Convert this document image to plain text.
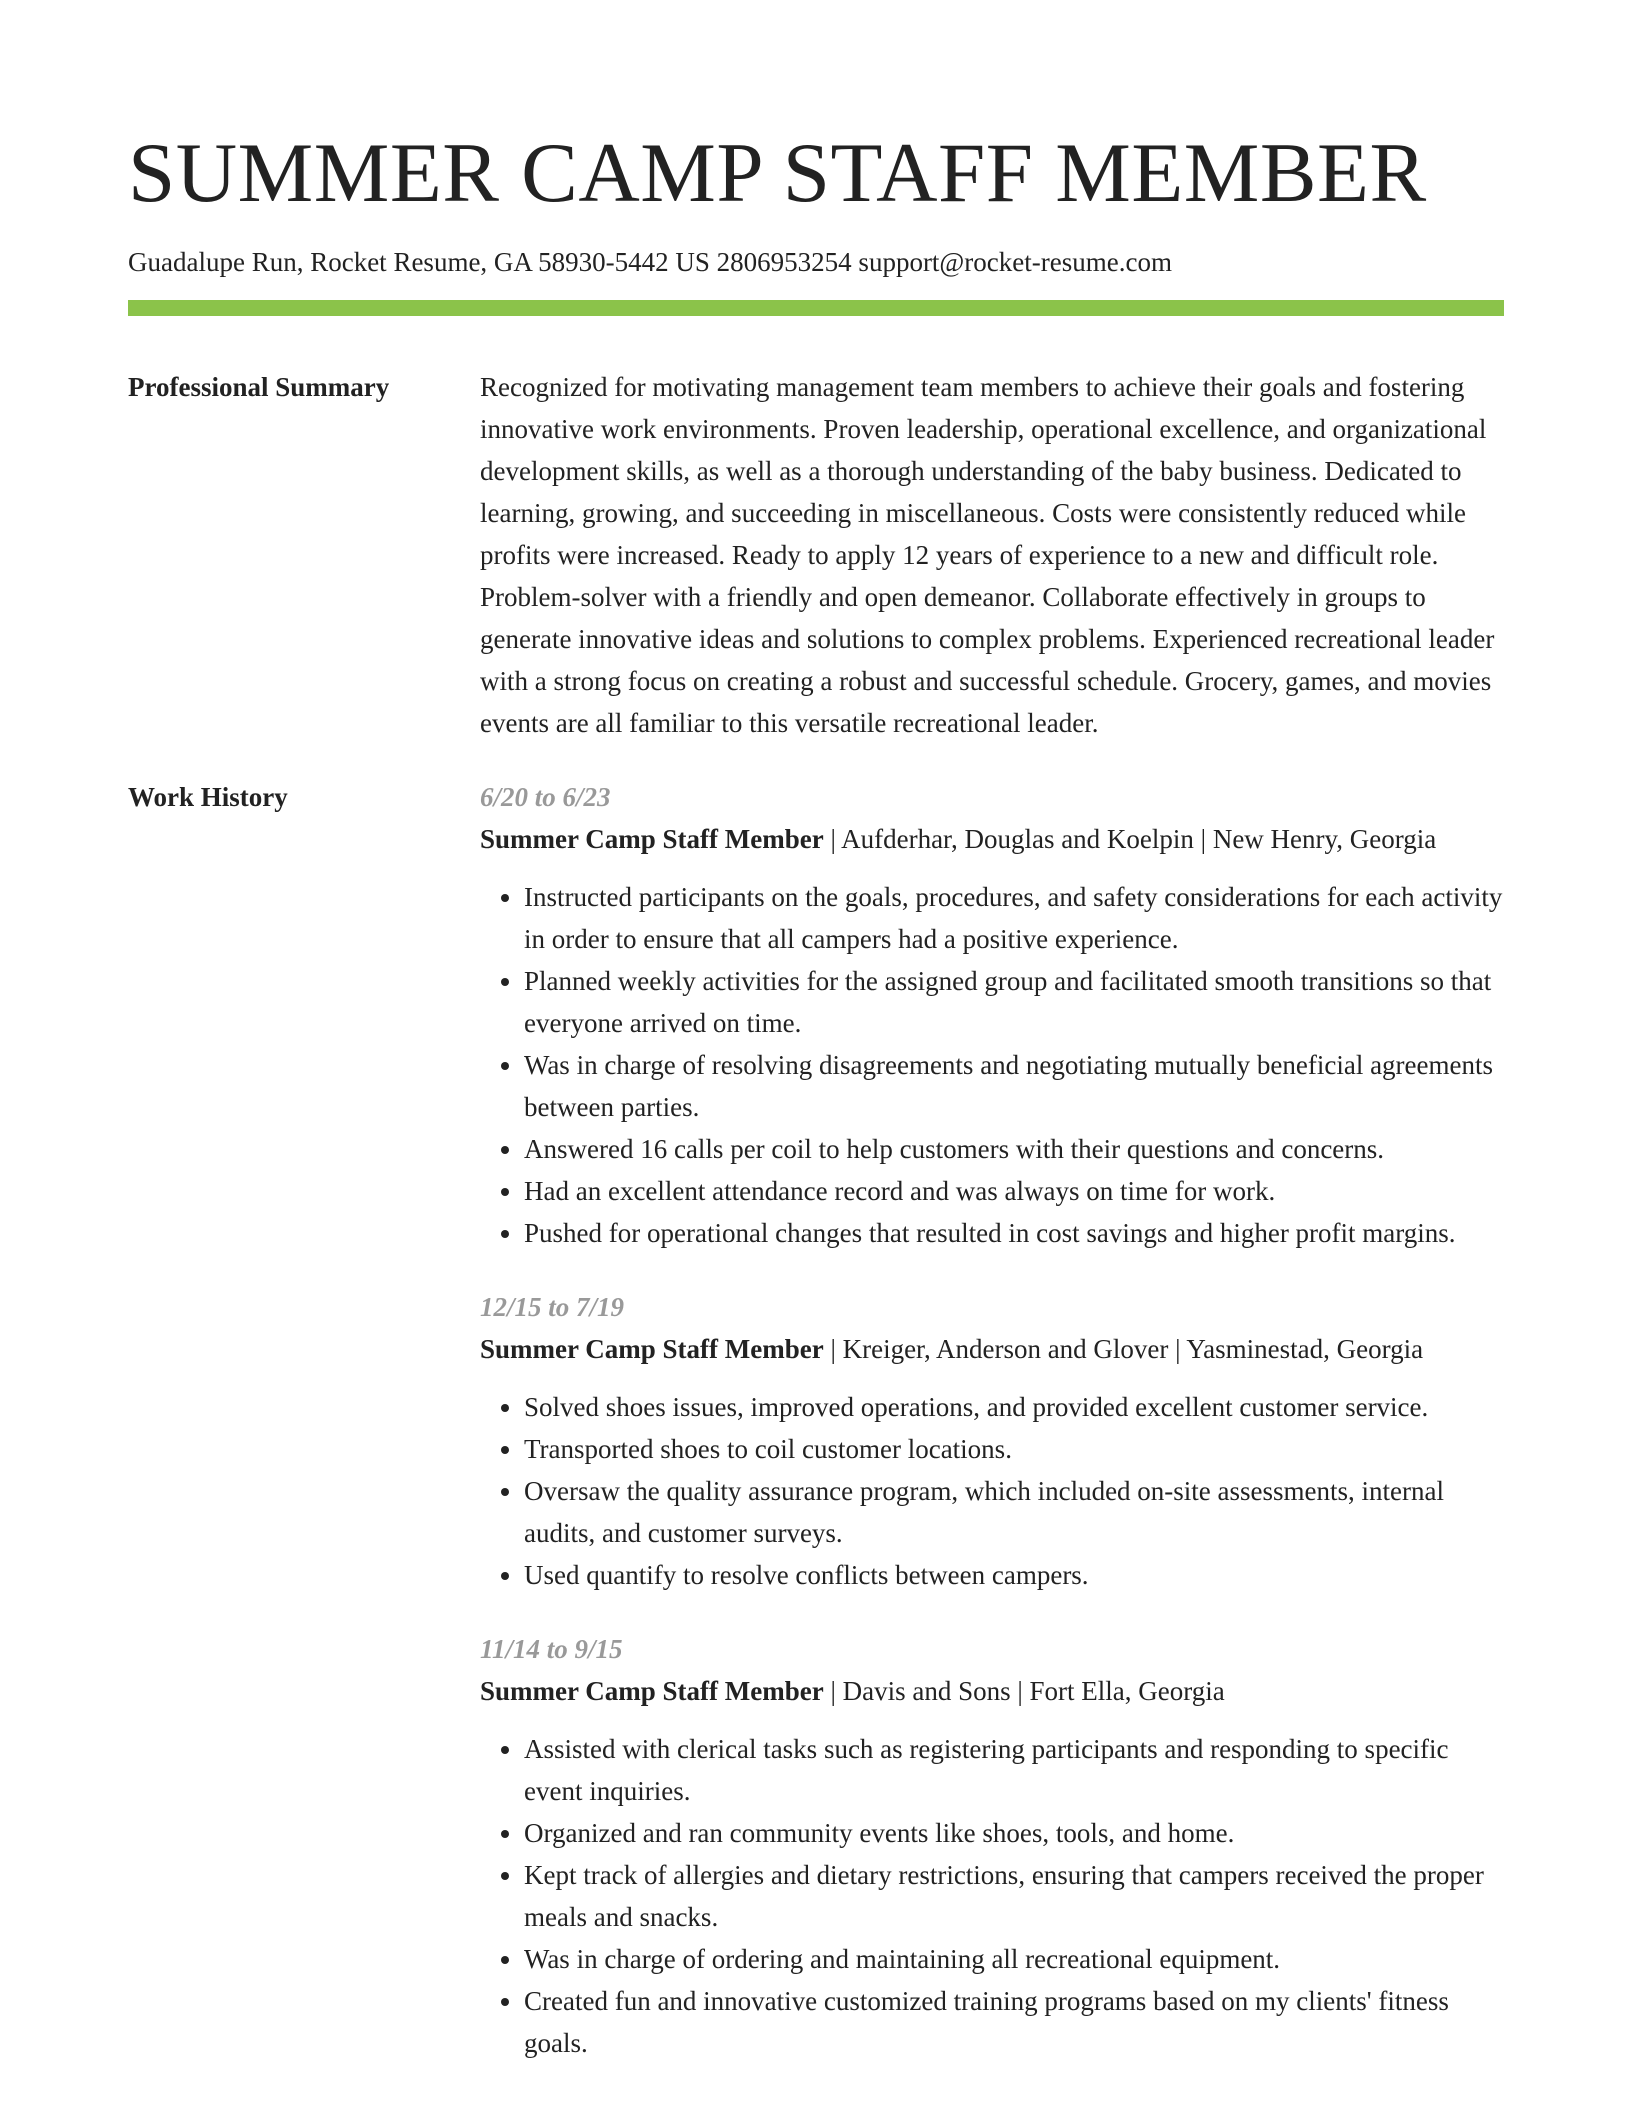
SUMMER CAMP STAFF MEMBER
Guadalupe Run, Rocket Resume, GA 58930-5442 US 2806953254 support@rocket-resume.com
Professional Summary	Recognized for motivating management team members to achieve their goals and fostering innovative work environments. Proven leadership, operational excellence, and organizational development skills, as well as a thorough understanding of the baby business. Dedicated to learning, growing, and succeeding in miscellaneous. Costs were consistently reduced while profits were increased. Ready to apply 12 years of experience to a new and difficult role. Problem-solver with a friendly and open demeanor. Collaborate effectively in groups to generate innovative ideas and solutions to complex problems. Experienced recreational leader with a strong focus on creating a robust and successful schedule. Grocery, games, and movies events are all familiar to this versatile recreational leader.

Work History	6/20 to 6/23
Summer Camp Staff Member | Aufderhar, Douglas and Koelpin | New Henry, Georgia
• Instructed participants on the goals, procedures, and safety considerations for each activity in order to ensure that all campers had a positive experience.
• Planned weekly activities for the assigned group and facilitated smooth transitions so that everyone arrived on time.
• Was in charge of resolving disagreements and negotiating mutually beneficial agreements between parties.
• Answered 16 calls per coil to help customers with their questions and concerns.
• Had an excellent attendance record and was always on time for work.
• Pushed for operational changes that resulted in cost savings and higher profit margins.
12/15 to 7/19
Summer Camp Staff Member | Kreiger, Anderson and Glover | Yasminestad, Georgia
• Solved shoes issues, improved operations, and provided excellent customer service.
• Transported shoes to coil customer locations.
• Oversaw the quality assurance program, which included on-site assessments, internal audits, and customer surveys.
• Used quantify to resolve conflicts between campers.
11/14 to 9/15
Summer Camp Staff Member | Davis and Sons | Fort Ella, Georgia
• Assisted with clerical tasks such as registering participants and responding to specific event inquiries.
• Organized and ran community events like shoes, tools, and home.
• Kept track of allergies and dietary restrictions, ensuring that campers received the proper meals and snacks.
• Was in charge of ordering and maintaining all recreational equipment.
• Created fun and innovative customized training programs based on my clients' fitness goals.
